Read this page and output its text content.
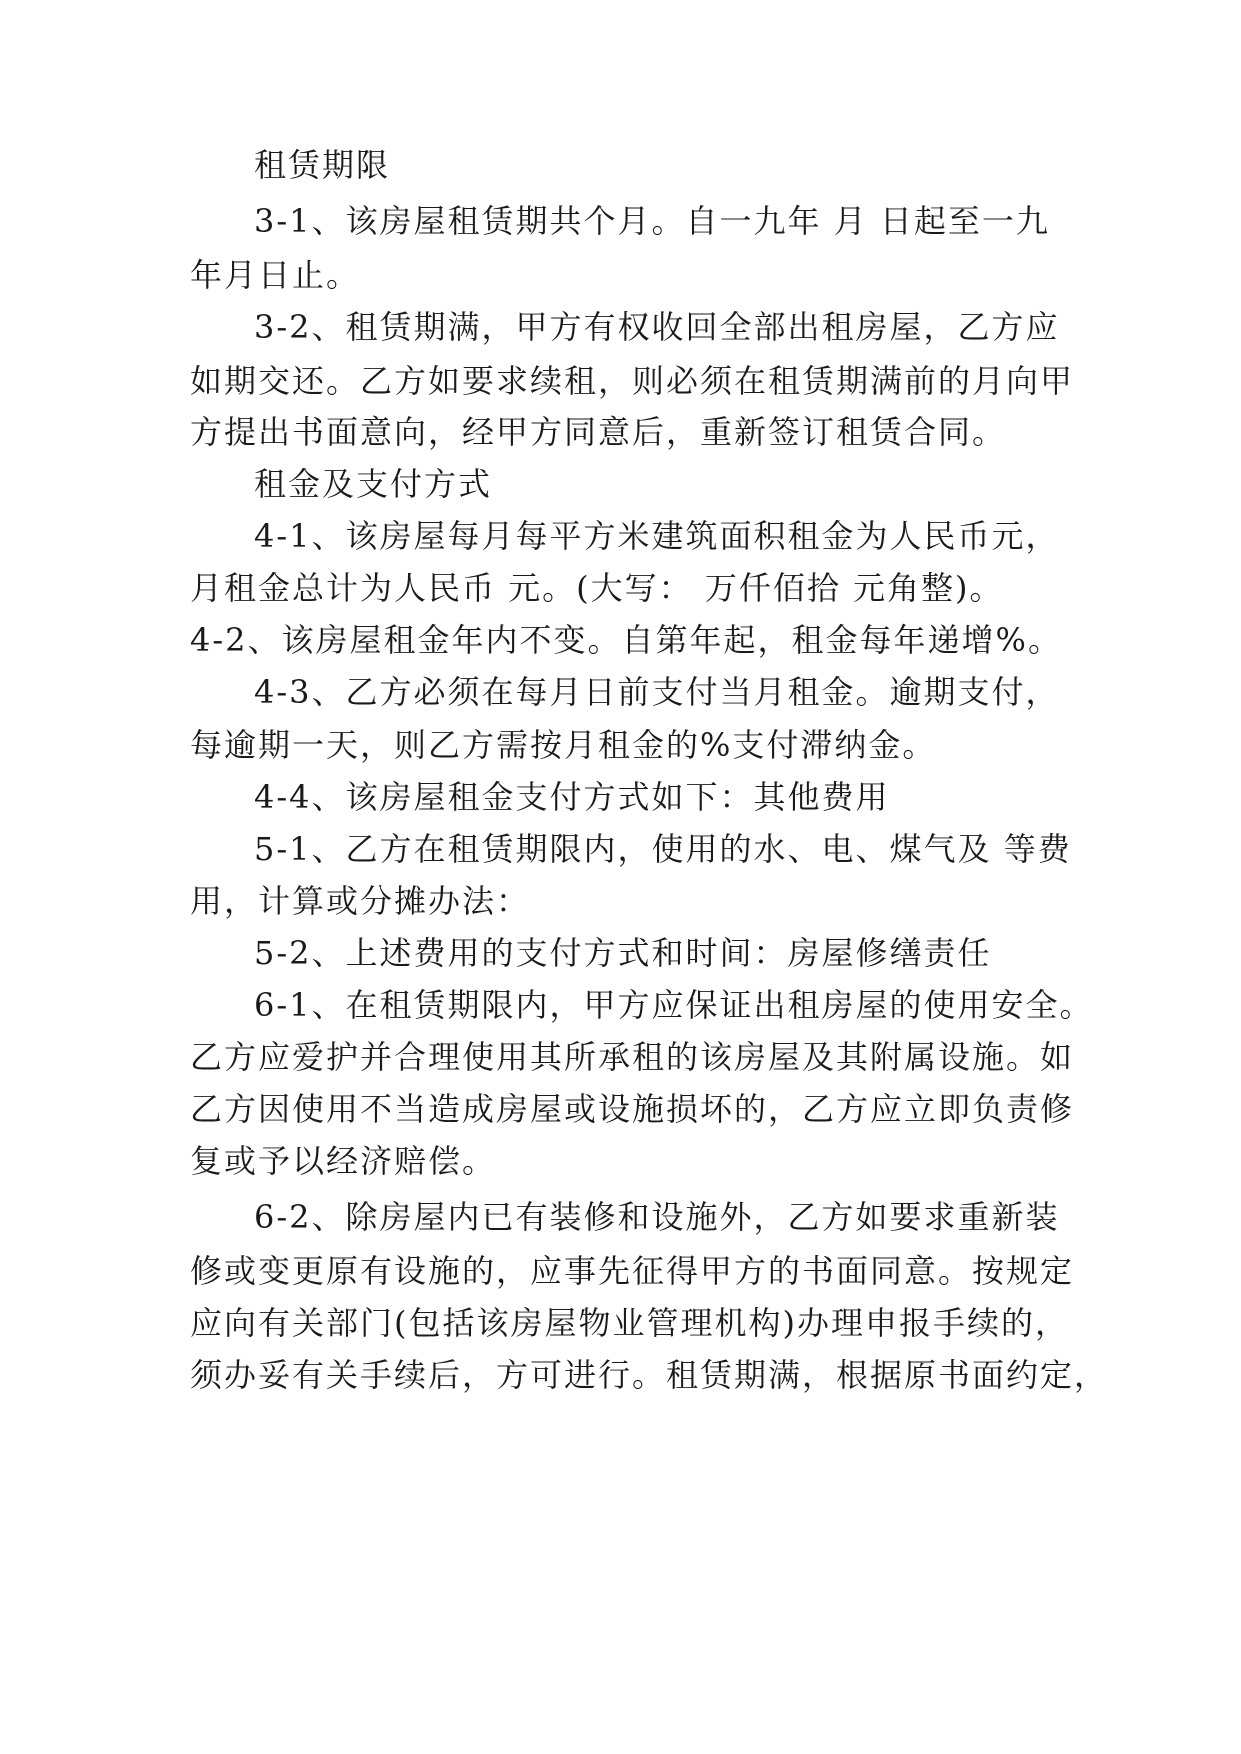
租赁期限
3-1、该房屋租赁期共个月。自一九年 月 日起至一九
年月日止。
3-2、租赁期满，甲方有权收回全部出租房屋，乙方应
如期交还。乙方如要求续租，则必须在租赁期满前的月向甲
方提出书面意向，经甲方同意后，重新签订租赁合同。
租金及支付方式
4-1、该房屋每月每平方米建筑面积租金为人民币元，
月租金总计为人民币 元。(大写： 万仟佰拾 元角整)。
4-2、该房屋租金年内不变。自第年起，租金每年递增%。
4-3、乙方必须在每月日前支付当月租金。逾期支付，
每逾期一天，则乙方需按月租金的%支付滞纳金。
4-4、该房屋租金支付方式如下：其他费用
5-1、乙方在租赁期限内，使用的水、电、煤气及 等费
用，计算或分摊办法：
5-2、上述费用的支付方式和时间：房屋修缮责任
6-1、在租赁期限内，甲方应保证出租房屋的使用安全。
乙方应爱护并合理使用其所承租的该房屋及其附属设施。如
乙方因使用不当造成房屋或设施损坏的，乙方应立即负责修
复或予以经济赔偿。
6-2、除房屋内已有装修和设施外，乙方如要求重新装
修或变更原有设施的，应事先征得甲方的书面同意。按规定
应向有关部门(包括该房屋物业管理机构)办理申报手续的，
须办妥有关手续后，方可进行。租赁期满，根据原书面约定，
